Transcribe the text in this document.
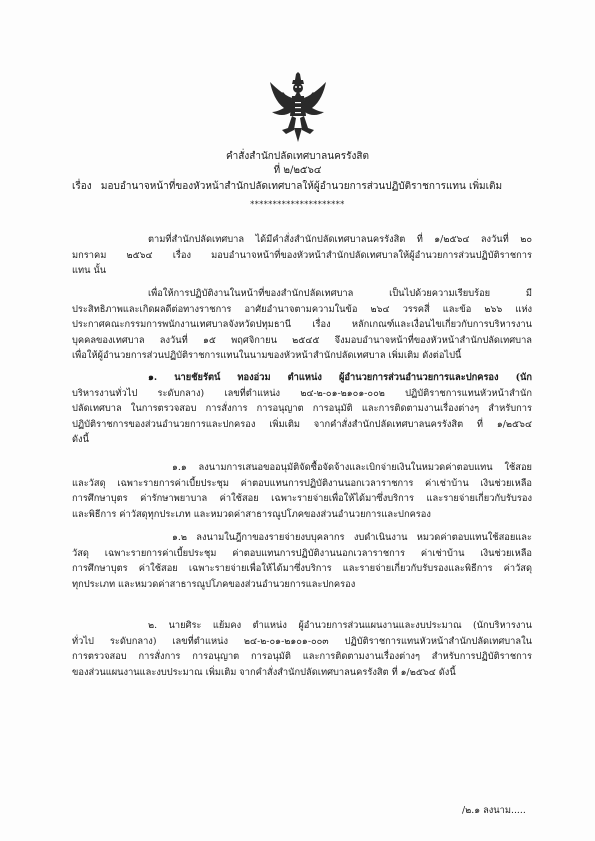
คำสั่งสำนักปลัดเทศบาลนครรังสิต
ที่ ๒/๒๕๖๔
เรื่อง มอบอำนาจหน้าที่ของหัวหน้าสำนักปลัดเทศบาลให้ผู้อำนวยการส่วนปฏิบัติราชการแทน เพิ่มเติม
*********************
ตามที่สำนักปลัดเทศบาล ได้มีคำสั่งสำนักปลัดเทศบาลนครรังสิต ที่ ๑/๒๕๖๔ ลงวันที่ ๒๐
มกราคม ๒๕๖๔ เรื่อง มอบอำนาจหน้าที่ของหัวหน้าสำนักปลัดเทศบาลให้ผู้อำนวยการส่วนปฏิบัติราชการ
แทน นั้น
เพื่อให้การปฏิบัติงานในหน้าที่ของสำนักปลัดเทศบาล เป็นไปด้วยความเรียบร้อย มี
ประสิทธิภาพและเกิดผลดีต่อทางราชการ อาศัยอำนาจตามความในข้อ ๒๖๔ วรรคสี่ และข้อ ๒๖๖ แห่ง
ประกาศคณะกรรมการพนักงานเทศบาลจังหวัดปทุมธานี เรื่อง หลักเกณฑ์และเงื่อนไขเกี่ยวกับการบริหารงาน
บุคคลของเทศบาล ลงวันที่ ๑๕ พฤศจิกายน ๒๕๔๕ จึงมอบอำนาจหน้าที่ของหัวหน้าสำนักปลัดเทศบาล
เพื่อให้ผู้อำนวยการส่วนปฏิบัติราชการแทนในนามของหัวหน้าสำนักปลัดเทศบาล เพิ่มเติม ดังต่อไปนี้
๑. นายชัยรัตน์ ทองอ่วม ตำแหน่ง ผู้อำนวยการส่วนอำนวยการและปกครอง (นัก
บริหารงานทั่วไป ระดับกลาง) เลขที่ตำแหน่ง ๒๔-๒-๐๑-๒๑๐๑-๐๐๒ ปฏิบัติราชการแทนหัวหน้าสำนัก
ปลัดเทศบาล ในการตรวจสอบ การสั่งการ การอนุญาต การอนุมัติ และการติดตามงานเรื่องต่างๆ สำหรับการ
ปฏิบัติราชการของส่วนอำนวยการและปกครอง เพิ่มเติม จากคำสั่งสำนักปลัดเทศบาลนครรังสิต ที่ ๑/๒๕๖๔
ดังนี้
๑.๑ ลงนามการเสนอขออนุมัติจัดซื้อจัดจ้างและเบิกจ่ายเงินในหมวดค่าตอบแทน ใช้สอย
และวัสดุ เฉพาะรายการค่าเบี้ยประชุม ค่าตอบแทนการปฏิบัติงานนอกเวลาราชการ ค่าเช่าบ้าน เงินช่วยเหลือ
การศึกษาบุตร ค่ารักษาพยาบาล ค่าใช้สอย เฉพาะรายจ่ายเพื่อให้ได้มาซึ่งบริการ และรายจ่ายเกี่ยวกับรับรอง
และพิธีการ ค่าวัสดุทุกประเภท และหมวดค่าสาธารณูปโภคของส่วนอำนวยการและปกครอง
๑.๒ ลงนามในฎีกาของรายจ่ายงบบุคลากร งบดำเนินงาน หมวดค่าตอบแทนใช้สอยและ
วัสดุ เฉพาะรายการค่าเบี้ยประชุม ค่าตอบแทนการปฏิบัติงานนอกเวลาราชการ ค่าเช่าบ้าน เงินช่วยเหลือ
การศึกษาบุตร ค่าใช้สอย เฉพาะรายจ่ายเพื่อให้ได้มาซึ่งบริการ และรายจ่ายเกี่ยวกับรับรองและพิธีการ ค่าวัสดุ
ทุกประเภท และหมวดค่าสาธารณูปโภคของส่วนอำนวยการและปกครอง
๒. นายศิระ แย้มคง ตำแหน่ง ผู้อำนวยการส่วนแผนงานและงบประมาณ (นักบริหารงาน
ทั่วไป ระดับกลาง) เลขที่ตำแหน่ง ๒๔-๒-๐๑-๒๑๐๑-๐๐๓ ปฏิบัติราชการแทนหัวหน้าสำนักปลัดเทศบาลใน
การตรวจสอบ การสั่งการ การอนุญาต การอนุมัติ และการติดตามงานเรื่องต่างๆ สำหรับการปฏิบัติราชการ
ของส่วนแผนงานและงบประมาณ เพิ่มเติม จากคำสั่งสำนักปลัดเทศบาลนครรังสิต ที่ ๑/๒๕๖๔ ดังนี้
/๒.๑ ลงนาม.....
